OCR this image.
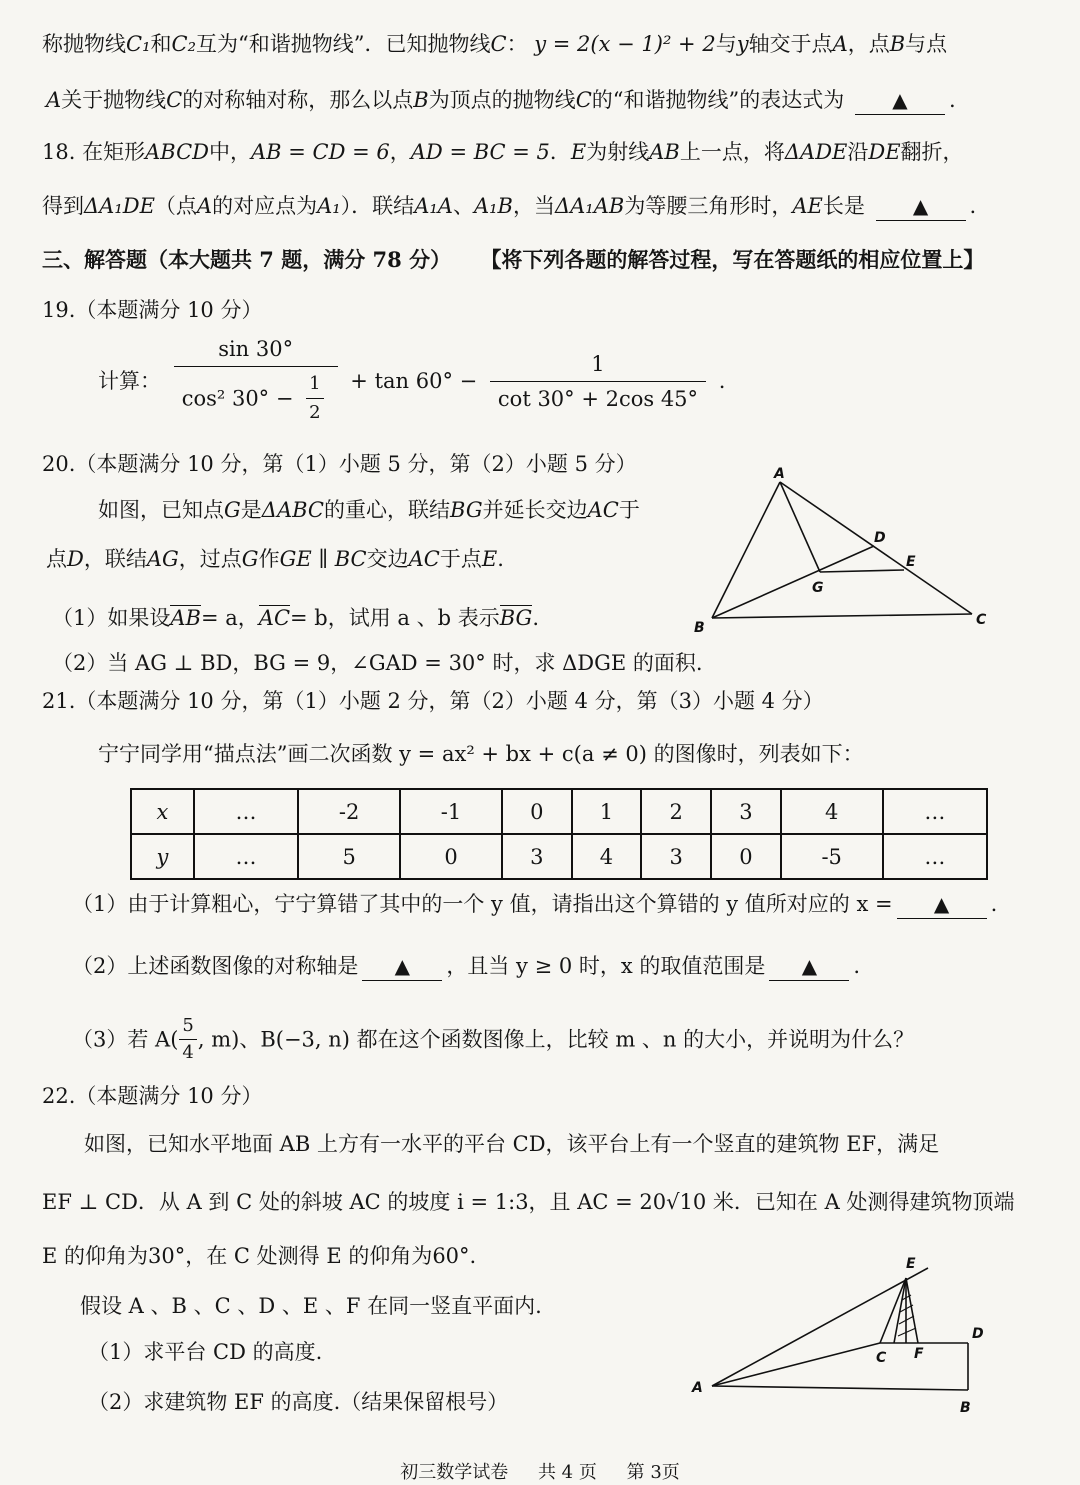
称抛物线C₁和C₂互为“和谐抛物线”．已知抛物线C： y = 2(x − 1)² + 2与y轴交于点A，点B与点
A关于抛物线C的对称轴对称，那么以点B为顶点的抛物线C的“和谐抛物线”的表达式为 ▲ .
18. 在矩形ABCD中，AB = CD = 6，AD = BC = 5．E为射线AB上一点，将ΔADE沿DE翻折，
得到ΔA₁DE（点A的对应点为A₁）．联结A₁A、A₁B，当ΔA₁AB为等腰三角形时，AE长是 ▲ .
三、解答题（本大题共 7 题，满分 78 分） 【将下列各题的解答过程，写在答题纸的相应位置上】
19.（本题满分 10 分）
计算： $\frac{\sin 30^\circ}{\cos^2 30^\circ - \frac{1}{2}} + \tan 60^\circ - \frac{1}{\cot 30^\circ + 2\cos 45^\circ}$ .
20.（本题满分 10 分，第（1）小题 5 分，第（2）小题 5 分）
如图，已知点G是ΔABC的重心，联结BG并延长交边AC于
点D，联结AG，过点G作GE ∥ BC交边AC于点E.
（1）如果设AB= a，AC= b，试用 a 、b 表示BG.
（2）当 AG ⊥ BD，BG = 9，∠GAD = 30° 时，求 ΔDGE 的面积.
A
B	C
D
E
G
21.（本题满分 10 分，第（1）小题 2 分，第（2）小题 4 分，第（3）小题 4 分）
宁宁同学用“描点法”画二次函数 y = ax² + bx + c(a ≠ 0) 的图像时，列表如下：
x	…	-2	-1	0	1	2	3	4	…
y	…	5	0	3	4	3	0	-5	…
（1）由于计算粗心，宁宁算错了其中的一个 y 值，请指出这个算错的 y 值所对应的 x = ▲ .
（2）上述函数图像的对称轴是 ▲ ，且当 y ≥ 0 时，x 的取值范围是 ▲ .
（3）若 $A( \frac{5}{4}$ , m)、B(−3, n) 都在这个函数图像上，比较 m 、n 的大小，并说明为什么？
22.（本题满分 10 分）
如图，已知水平地面 AB 上方有一水平的平台 CD，该平台上有一个竖直的建筑物 EF，满足
EF ⊥ CD．从 A 到 C 处的斜坡 AC 的坡度 i = 1:3，且 AC = 20√10 米．已知在 A 处测得建筑物顶端
E 的仰角为30°，在 C 处测得 E 的仰角为60°.
假设 A 、B 、C 、D 、E 、F 在同一竖直平面内.
（1）求平台 CD 的高度.
（2）求建筑物 EF 的高度.（结果保留根号）
A
B
C
D
E
F
初三数学试卷 共 4 页 第 3页
